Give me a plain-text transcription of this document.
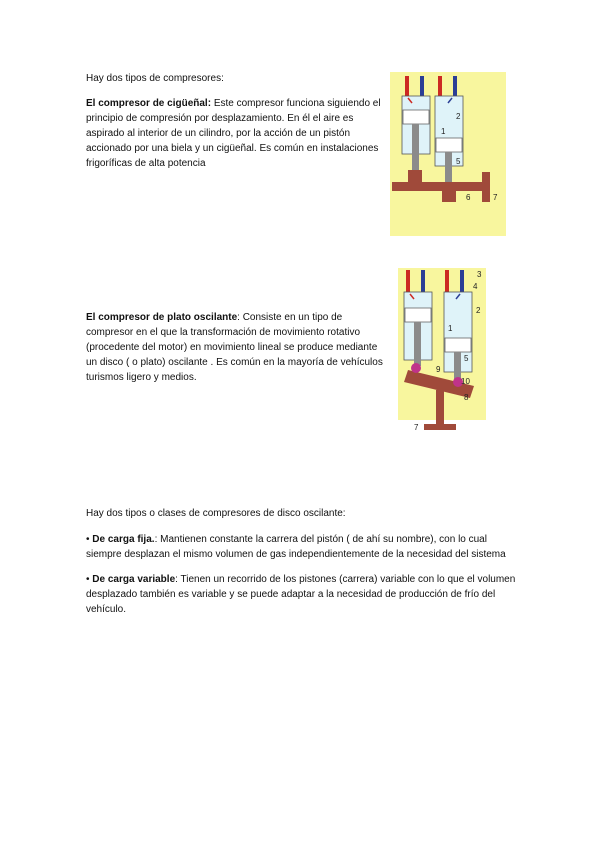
Hay dos tipos de compresores:

El compresor de cigüeñal: Este compresor funciona siguiendo el principio de compresión por desplazamiento. En él el aire es aspirado al interior de un cilindro, por la acción de un pistón accionado por una biela y un cigüeñal. Es común en instalaciones frigoríficas de alta potencia

2
1
5
6	7

El compresor de plato oscilante: Consiste en un tipo de compresor en el que la transformación de movimiento rotativo (procedente del motor) en movimiento lineal se produce mediante un disco ( o plato) oscilante . Es común en la mayoría de vehículos turismos ligero y medios.

3
4
2
1
5
9
10
8
7

Hay dos tipos o clases de compresores de disco oscilante:

• De carga fija.: Mantienen constante la carrera del pistón ( de ahí su nombre), con lo cual siempre desplazan el mismo volumen de gas independientemente de la necesidad del sistema

• De carga variable: Tienen un recorrido de los pistones (carrera) variable con lo que el volumen desplazado también es variable y se puede adaptar a la necesidad de producción de frío del vehículo.
